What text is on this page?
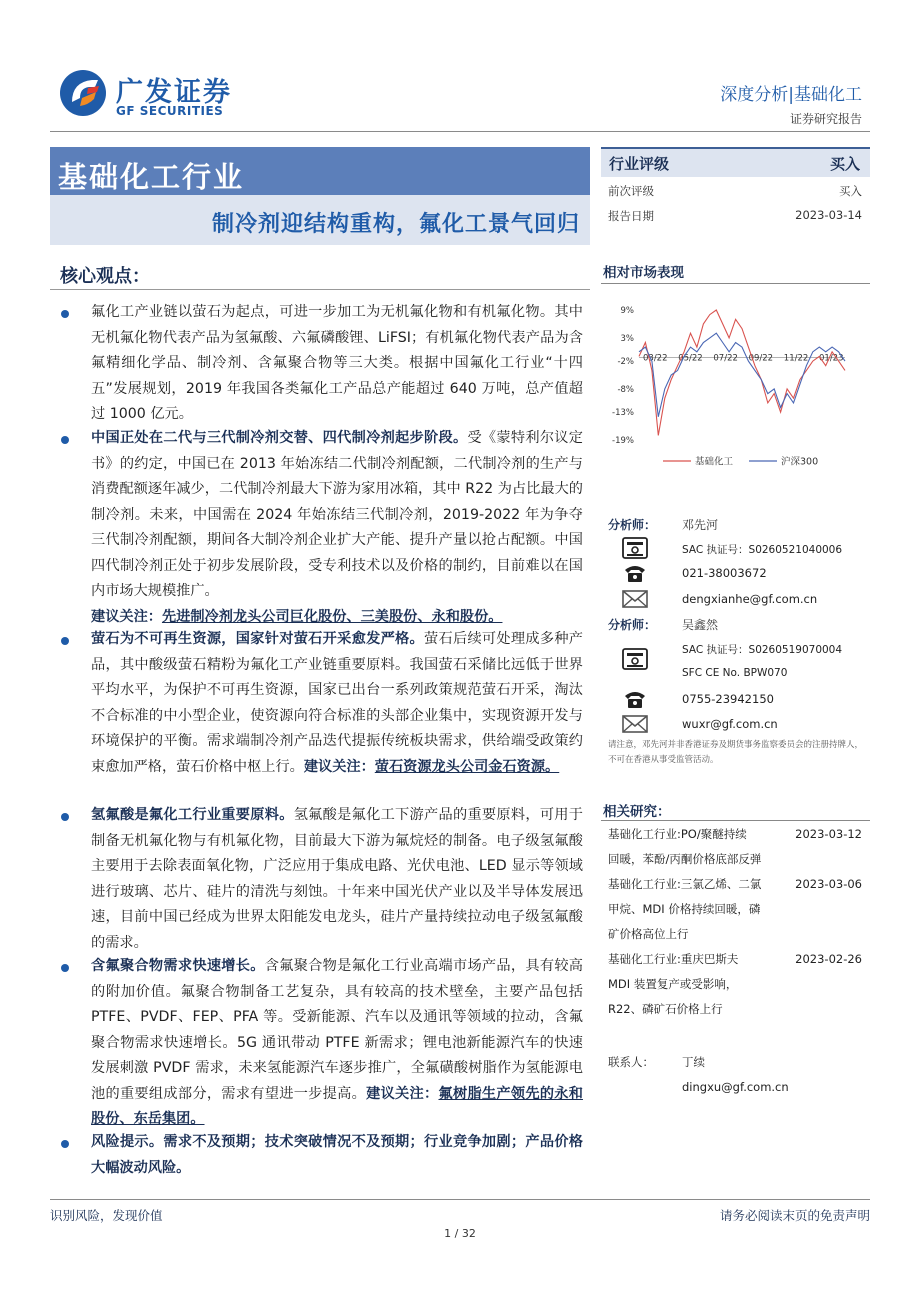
广发证券
GF SECURITIES
深度分析|基础化工
证券研究报告
基础化工行业
制冷剂迎结构重构，氟化工景气回归
行业评级	买入
前次评级	买入
报告日期	2023-03-14
核心观点：
氟化工产业链以萤石为起点，可进一步加工为无机氟化物和有机氟化物。其中无机氟化物代表产品为氢氟酸、六氟磷酸锂、LiFSI；有机氟化物代表产品为含氟精细化学品、制冷剂、含氟聚合物等三大类。根据中国氟化工行业“十四五”发展规划，2019 年我国各类氟化工产品总产能超过 640 万吨，总产值超过 1000 亿元。
中国正处在二代与三代制冷剂交替、四代制冷剂起步阶段。受《蒙特利尔议定书》的约定，中国已在 2013 年始冻结二代制冷剂配额，二代制冷剂的生产与消费配额逐年减少，二代制冷剂最大下游为家用冰箱，其中 R22 为占比最大的制冷剂。未来，中国需在 2024 年始冻结三代制冷剂，2019-2022 年为争夺三代制冷剂配额，期间各大制冷剂企业扩大产能、提升产量以抢占配额。中国四代制冷剂正处于初步发展阶段，受专利技术以及价格的制约，目前难以在国内市场大规模推广。
建议关注：先进制冷剂龙头公司巨化股份、三美股份、永和股份。
萤石为不可再生资源，国家针对萤石开采愈发严格。萤石后续可处理成多种产品，其中酸级萤石精粉为氟化工产业链重要原料。我国萤石采储比远低于世界平均水平，为保护不可再生资源，国家已出台一系列政策规范萤石开采，淘汰不合标准的中小型企业，使资源向符合标准的头部企业集中，实现资源开发与环境保护的平衡。需求端制冷剂产品迭代提振传统板块需求，供给端受政策约束愈加严格，萤石价格中枢上行。建议关注：萤石资源龙头公司金石资源。
氢氟酸是氟化工行业重要原料。氢氟酸是氟化工下游产品的重要原料，可用于制备无机氟化物与有机氟化物，目前最大下游为氟烷烃的制备。电子级氢氟酸主要用于去除表面氧化物，广泛应用于集成电路、光伏电池、LED 显示等领域进行玻璃、芯片、硅片的清洗与刻蚀。十年来中国光伏产业以及半导体发展迅速，目前中国已经成为世界太阳能发电龙头，硅片产量持续拉动电子级氢氟酸的需求。
含氟聚合物需求快速增长。含氟聚合物是氟化工行业高端市场产品，具有较高的附加价值。氟聚合物制备工艺复杂，具有较高的技术壁垒，主要产品包括 PTFE、PVDF、FEP、PFA 等。受新能源、汽车以及通讯等领域的拉动，含氟聚合物需求快速增长。5G 通讯带动 PTFE 新需求；锂电池新能源汽车的快速发展刺激 PVDF 需求，未来氢能源汽车逐步推广，全氟磺酸树脂作为氢能源电池的重要组成部分，需求有望进一步提高。建议关注：氟树脂生产领先的永和股份、东岳集团。
风险提示。需求不及预期；技术突破情况不及预期；行业竞争加剧；产品价格大幅波动风险。
相对市场表现
9%
3%
-2%
-8%
-13%
-19%
03/22 05/22 07/22 09/22 11/22 01/23
基础化工	沪深300
分析师： 邓先河
SAC 执证号：S0260521040006
021-38003672
dengxianhe@gf.com.cn
分析师： 吴鑫然
SAC 执证号：S0260519070004
SFC CE No. BPW070
0755-23942150
wuxr@gf.com.cn
请注意，邓先河并非香港证券及期货事务监察委员会的注册持牌人，不可在香港从事受监管活动。
相关研究：
基础化工行业:PO/聚醚持续
回暖，苯酚/丙酮价格底部反弹
2023-03-12
基础化工行业:三氯乙烯、二氯
甲烷、MDI 价格持续回暖，磷
矿价格高位上行
2023-03-06
基础化工行业:重庆巴斯夫
MDI 装置复产或受影响，
R22、磷矿石价格上行
2023-02-26
联系人： 丁续
dingxu@gf.com.cn
识别风险，发现价值	请务必阅读末页的免责声明
1 / 32
